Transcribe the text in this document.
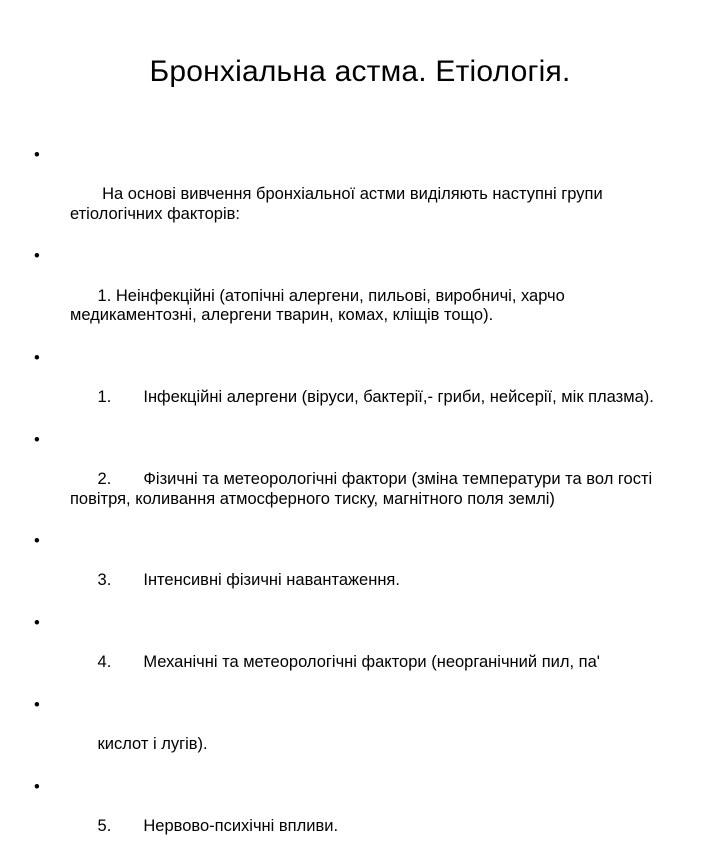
Бронхіальна астма. Етіологія.

•

На основі вивчення бронхіальної астми виділяють наступні групи етіологічних факторів:

•

1. Неінфекційні (атопічні алергени, пильові, виробничі, харчо медикаментозні, алергени тварин, комах, кліщів тощо).

•

1.	Інфекційні алергени (віруси, бактерії,- гриби, нейсерії, мік плазма).

•

2.	Фізичні та метеорологічні фактори (зміна температури та вол гості повітря, коливання атмосферного тиску, магнітного поля землі)

•

3.	Інтенсивні фізичні навантаження.

•

4.	Механічні та метеорологічні фактори (неорганічний пил, па'

•

кислот і лугів).

•

5.	Нервово-психічні впливи.
